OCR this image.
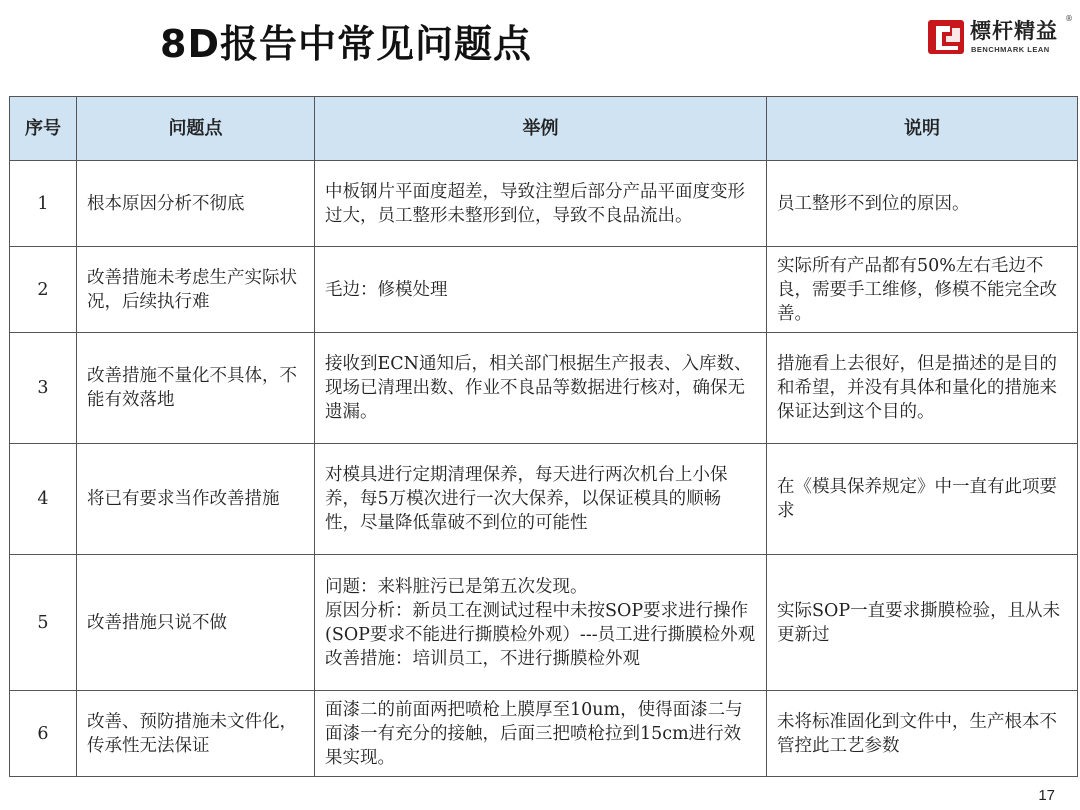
8D报告中常见问题点	標杆精益
BENCHMARK LEAN
®
序号	问题点	举例	说明
1	根本原因分析不彻底	中板钢片平面度超差，导致注塑后部分产品平面度变形过大，员工整形未整形到位，导致不良品流出。	员工整形不到位的原因。
2	改善措施未考虑生产实际状况，后续执行难	毛边：修模处理	实际所有产品都有50%左右毛边不良，需要手工维修，修模不能完全改善。
3	改善措施不量化不具体，不能有效落地	接收到ECN通知后，相关部门根据生产报表、入库数、现场已清理出数、作业不良品等数据进行核对，确保无遗漏。	措施看上去很好，但是描述的是目的和希望，并没有具体和量化的措施来保证达到这个目的。
4	将已有要求当作改善措施	对模具进行定期清理保养，每天进行两次机台上小保养，每5万模次进行一次大保养，以保证模具的顺畅性，尽量降低靠破不到位的可能性	在《模具保养规定》中一直有此项要求
5	改善措施只说不做	问题：来料脏污已是第五次发现。
原因分析：新员工在测试过程中未按SOP要求进行操作(SOP要求不能进行撕膜检外观）---员工进行撕膜检外观
改善措施：培训员工，不进行撕膜检外观	实际SOP一直要求撕膜检验，且从未更新过
6	改善、预防措施未文件化，传承性无法保证	面漆二的前面两把喷枪上膜厚至10um，使得面漆二与面漆一有充分的接触，后面三把喷枪拉到15cm进行效果实现。	未将标准固化到文件中，生产根本不管控此工艺参数
17
